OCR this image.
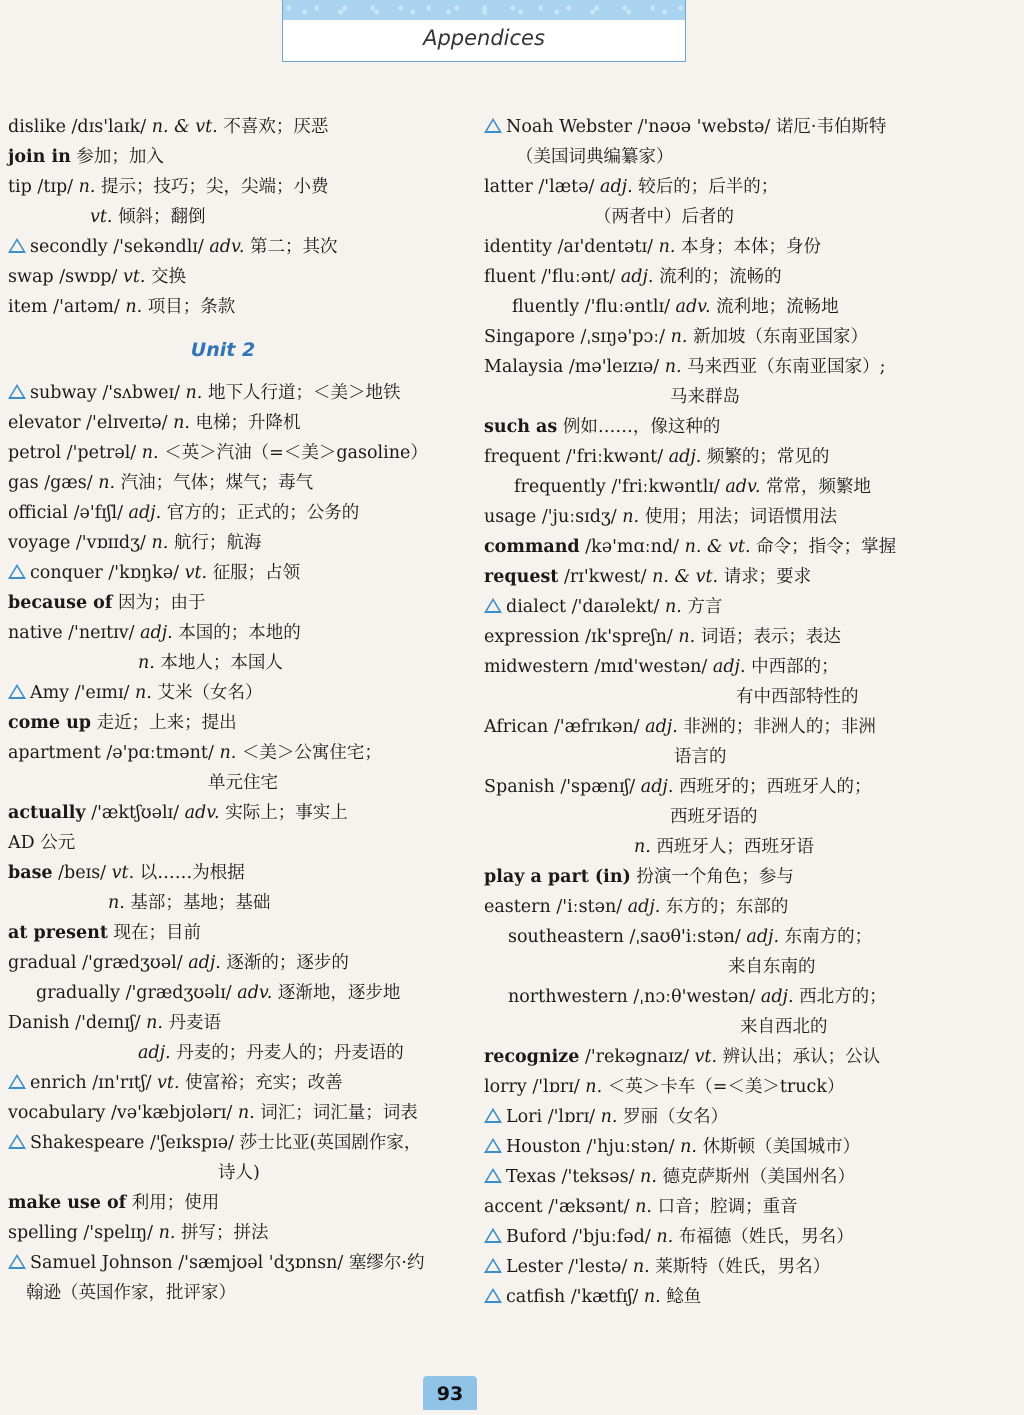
Appendices
dislike /dɪs'laɪk/ n. & vt. 不喜欢；厌恶
join in 参加；加入
tip /tɪp/ n. 提示；技巧；尖，尖端；小费
vt. 倾斜；翻倒
secondly /'sekəndlɪ/ adv. 第二；其次
swap /swɒp/ vt. 交换
item /'aɪtəm/ n. 项目；条款
Unit 2
subway /'sʌbweɪ/ n. 地下人行道；＜美＞地铁
elevator /'elɪveɪtə/ n. 电梯；升降机
petrol /'petrəl/ n. ＜英＞汽油（=＜美＞gasoline）
gas /gæs/ n. 汽油；气体；煤气；毒气
official /ə'fɪʃl/ adj. 官方的；正式的；公务的
voyage /'vɒɪɪdʒ/ n. 航行；航海
conquer /'kɒŋkə/ vt. 征服；占领
because of 因为；由于
native /'neɪtɪv/ adj. 本国的；本地的
n. 本地人；本国人
Amy /'eɪmɪ/ n. 艾米（女名）
come up 走近；上来；提出
apartment /ə'pɑːtmənt/ n. ＜美＞公寓住宅；
单元住宅
actually /'æktʃʊəlɪ/ adv. 实际上；事实上
AD 公元
base /beɪs/ vt. 以……为根据
n. 基部；基地；基础
at present 现在；目前
gradual /'grædʒʊəl/ adj. 逐渐的；逐步的
gradually /'grædʒʊəlɪ/ adv. 逐渐地，逐步地
Danish /'deɪnɪʃ/ n. 丹麦语
adj. 丹麦的；丹麦人的；丹麦语的
enrich /ɪn'rɪtʃ/ vt. 使富裕；充实；改善
vocabulary /və'kæbjʊlərɪ/ n. 词汇；词汇量；词表
Shakespeare /'ʃeɪkspɪə/ 莎士比亚(英国剧作家，
诗人)
make use of 利用；使用
spelling /'spelɪŋ/ n. 拼写；拼法
Samuel Johnson /'sæmjʊəl 'dʒɒnsn/ 塞缪尔·约
翰逊（英国作家，批评家）
Noah Webster /'nəʊə 'webstə/ 诺厄·韦伯斯特
（美国词典编纂家）
latter /'lætə/ adj. 较后的；后半的；
（两者中）后者的
identity /aɪ'dentətɪ/ n. 本身；本体；身份
fluent /'fluːənt/ adj. 流利的；流畅的
fluently /'fluːəntlɪ/ adv. 流利地；流畅地
Singapore /ˌsɪŋə'pɔː/ n. 新加坡（东南亚国家）
Malaysia /mə'leɪzɪə/ n. 马来西亚（东南亚国家）;
马来群岛
such as 例如……，像这种的
frequent /'friːkwənt/ adj. 频繁的；常见的
frequently /'friːkwəntlɪ/ adv. 常常，频繁地
usage /'juːsɪdʒ/ n. 使用；用法；词语惯用法
command /kə'mɑːnd/ n. & vt. 命令；指令；掌握
request /rɪ'kwest/ n. & vt. 请求；要求
dialect /'daɪəlekt/ n. 方言
expression /ɪk'spreʃn/ n. 词语；表示；表达
midwestern /mɪd'westən/ adj. 中西部的；
有中西部特性的
African /'æfrɪkən/ adj. 非洲的；非洲人的；非洲
语言的
Spanish /'spænɪʃ/ adj. 西班牙的；西班牙人的；
西班牙语的
n. 西班牙人；西班牙语
play a part (in) 扮演一个角色；参与
eastern /'iːstən/ adj. 东方的；东部的
southeastern /ˌsaʊθ'iːstən/ adj. 东南方的；
来自东南的
northwestern /ˌnɔːθ'westən/ adj. 西北方的；
来自西北的
recognize /'rekəgnaɪz/ vt. 辨认出；承认；公认
lorry /'lɒrɪ/ n. ＜英＞卡车（=＜美＞truck）
Lori /'lɒrɪ/ n. 罗丽（女名）
Houston /'hjuːstən/ n. 休斯顿（美国城市）
Texas /'teksəs/ n. 德克萨斯州（美国州名）
accent /'æksənt/ n. 口音；腔调；重音
Buford /'bjuːfəd/ n. 布福德（姓氏，男名）
Lester /'lestə/ n. 莱斯特（姓氏，男名）
catfish /'kætfɪʃ/ n. 鲶鱼
93
